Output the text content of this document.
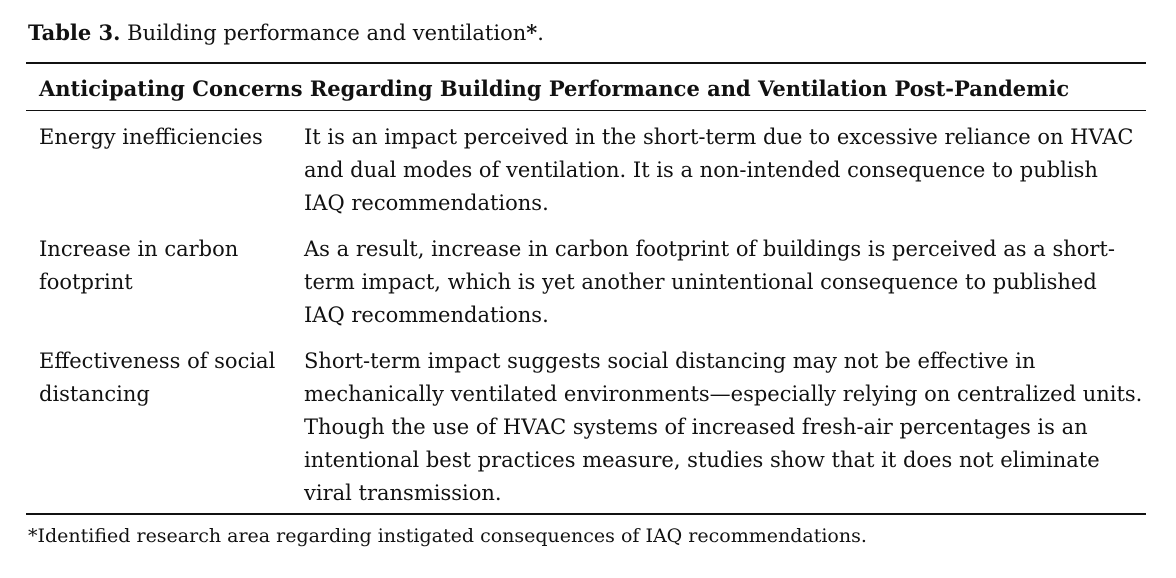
Table 3. Building performance and ventilation*.
Anticipating Concerns Regarding Building Performance and Ventilation Post-Pandemic
Energy inefficiencies	It is an impact perceived in the short-term due to excessive reliance on HVAC and dual modes of ventilation. It is a non-intended consequence to publish IAQ recommendations.
Increase in carbon footprint
As a result, increase in carbon footprint of buildings is perceived as a short-term impact, which is yet another unintentional consequence to published IAQ recommendations.
Effectiveness of social distancing
Short-term impact suggests social distancing may not be effective in mechanically ventilated environments—especially relying on centralized units. Though the use of HVAC systems of increased fresh-air percentages is an intentional best practices measure, studies show that it does not eliminate viral transmission.
*Identified research area regarding instigated consequences of IAQ recommendations.
